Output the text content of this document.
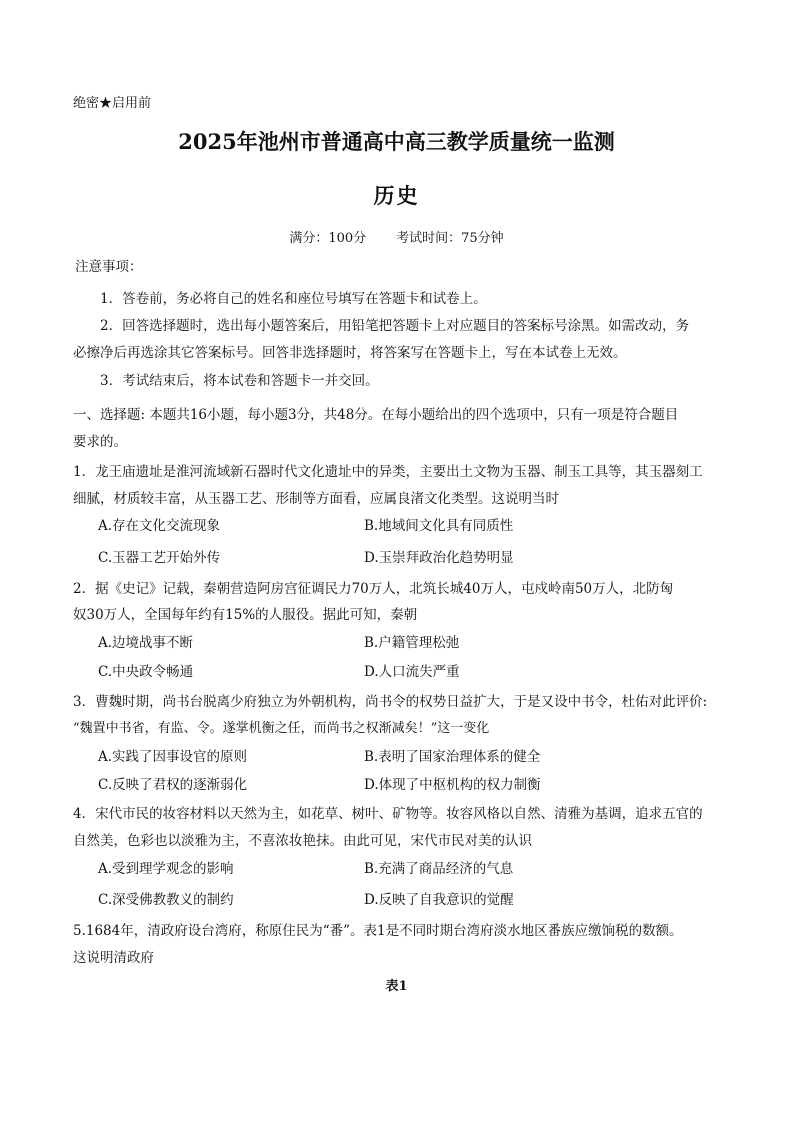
绝密★启用前
2025年池州市普通高中高三教学质量统一监测
历史
满分：100分 考试时间：75分钟
注意事项：
1．答卷前，务必将自己的姓名和座位号填写在答题卡和试卷上。
2．回答选择题时，选出每小题答案后，用铅笔把答题卡上对应题目的答案标号涂黑。如需改动，务
必擦净后再选涂其它答案标号。回答非选择题时，将答案写在答题卡上，写在本试卷上无效。
3．考试结束后，将本试卷和答题卡一并交回。
一、选择题: 本题共16小题，每小题3分，共48分。在每小题给出的四个选项中，只有一项是符合题目
要求的。
1．龙王庙遗址是淮河流域新石器时代文化遗址中的异类，主要出土文物为玉器、制玉工具等，其玉器刻工
细腻，材质较丰富，从玉器工艺、形制等方面看，应属良渚文化类型。这说明当时
A.存在文化交流现象	B.地域间文化具有同质性
C.玉器工艺开始外传	D.玉崇拜政治化趋势明显
2．据《史记》记载，秦朝营造阿房宫征调民力70万人，北筑长城40万人，屯戍岭南50万人，北防匈
奴30万人，全国每年约有15%的人服役。据此可知，秦朝
A.边境战事不断	B.户籍管理松弛
C.中央政令畅通	D.人口流失严重
3．曹魏时期，尚书台脱离少府独立为外朝机构，尚书令的权势日益扩大，于是又设中书令，杜佑对此评价:
“魏置中书省，有监、令。遂掌机衡之任，而尚书之权渐减矣！”这一变化
A.实践了因事设官的原则	B.表明了国家治理体系的健全
C.反映了君权的逐渐弱化	D.体现了中枢机构的权力制衡
4．宋代市民的妆容材料以天然为主，如花草、树叶、矿物等。妆容风格以自然、清雅为基调，追求五官的
自然美，色彩也以淡雅为主，不喜浓妆艳抹。由此可见，宋代市民对美的认识
A.受到理学观念的影响	B.充满了商品经济的气息
C.深受佛教教义的制约	D.反映了自我意识的觉醒
5.1684年，清政府设台湾府，称原住民为“番”。表1是不同时期台湾府淡水地区番族应缴饷税的数额。
这说明清政府
表1
